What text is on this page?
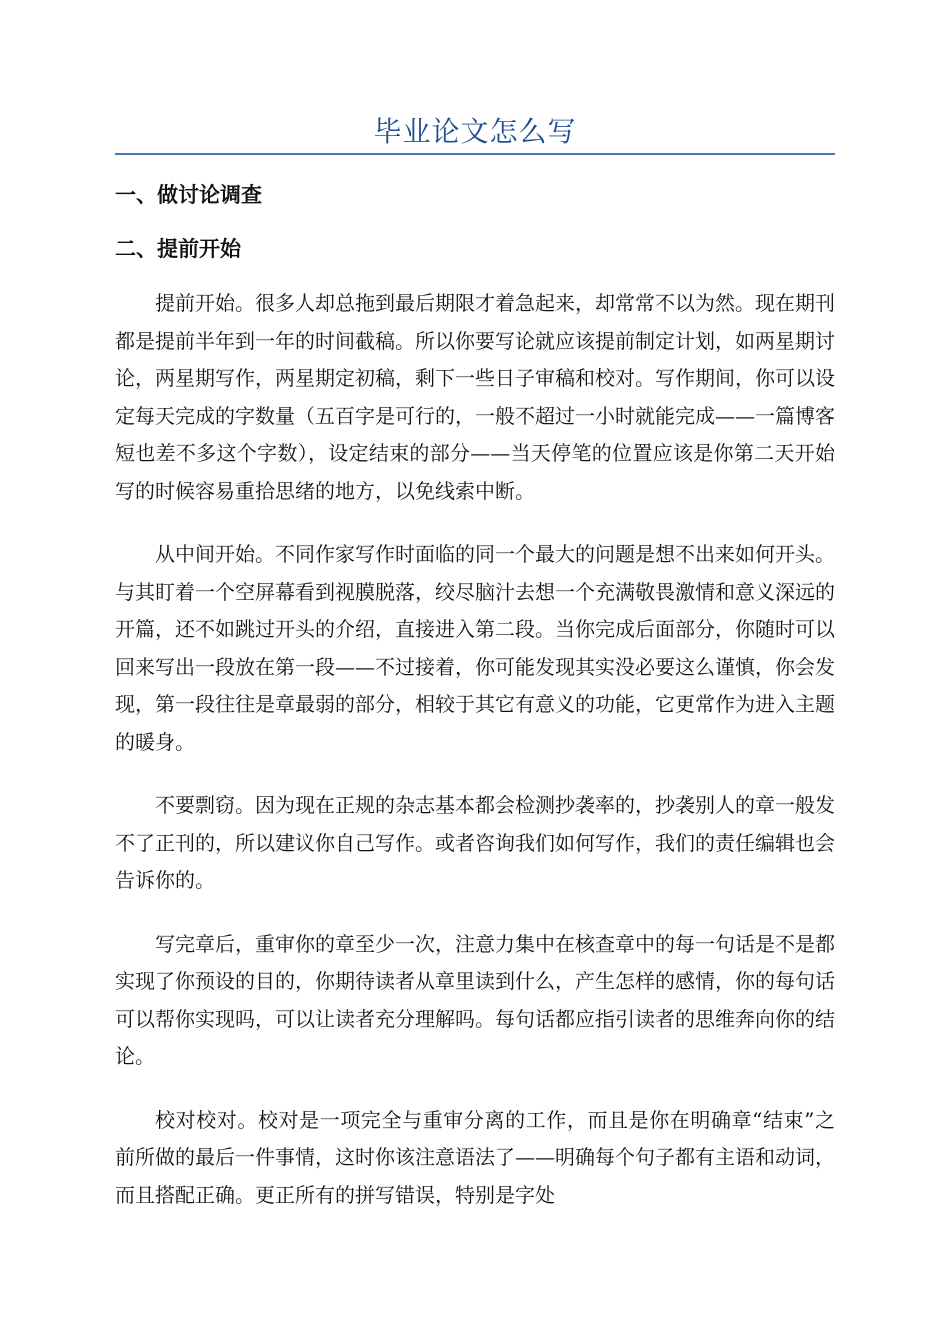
毕业论文怎么写
一、做讨论调查
二、提前开始

提前开始。很多人却总拖到最后期限才着急起来，却常常不以为然。现在期刊都是提前半年到一年的时间截稿。所以你要写论就应该提前制定计划，如两星期讨论，两星期写作，两星期定初稿，剩下一些日子审稿和校对。写作期间，你可以设定每天完成的字数量（五百字是可行的，一般不超过一小时就能完成——一篇博客短也差不多这个字数），设定结束的部分——当天停笔的位置应该是你第二天开始写的时候容易重拾思绪的地方，以免线索中断。

从中间开始。不同作家写作时面临的同一个最大的问题是想不出来如何开头。与其盯着一个空屏幕看到视膜脱落，绞尽脑汁去想一个充满敬畏激情和意义深远的开篇，还不如跳过开头的介绍，直接进入第二段。当你完成后面部分，你随时可以回来写出一段放在第一段——不过接着，你可能发现其实没必要这么谨慎，你会发现，第一段往往是章最弱的部分，相较于其它有意义的功能，它更常作为进入主题的暖身。

不要剽窃。因为现在正规的杂志基本都会检测抄袭率的，抄袭别人的章一般发不了正刊的，所以建议你自己写作。或者咨询我们如何写作，我们的责任编辑也会告诉你的。

写完章后，重审你的章至少一次，注意力集中在核查章中的每一句话是不是都实现了你预设的目的，你期待读者从章里读到什么，产生怎样的感情，你的每句话可以帮你实现吗，可以让读者充分理解吗。每句话都应指引读者的思维奔向你的结论。

校对校对。校对是一项完全与重审分离的工作，而且是你在明确章“结束”之前所做的最后一件事情，这时你该注意语法了——明确每个句子都有主语和动词，而且搭配正确。更正所有的拼写错误，特别是字处
